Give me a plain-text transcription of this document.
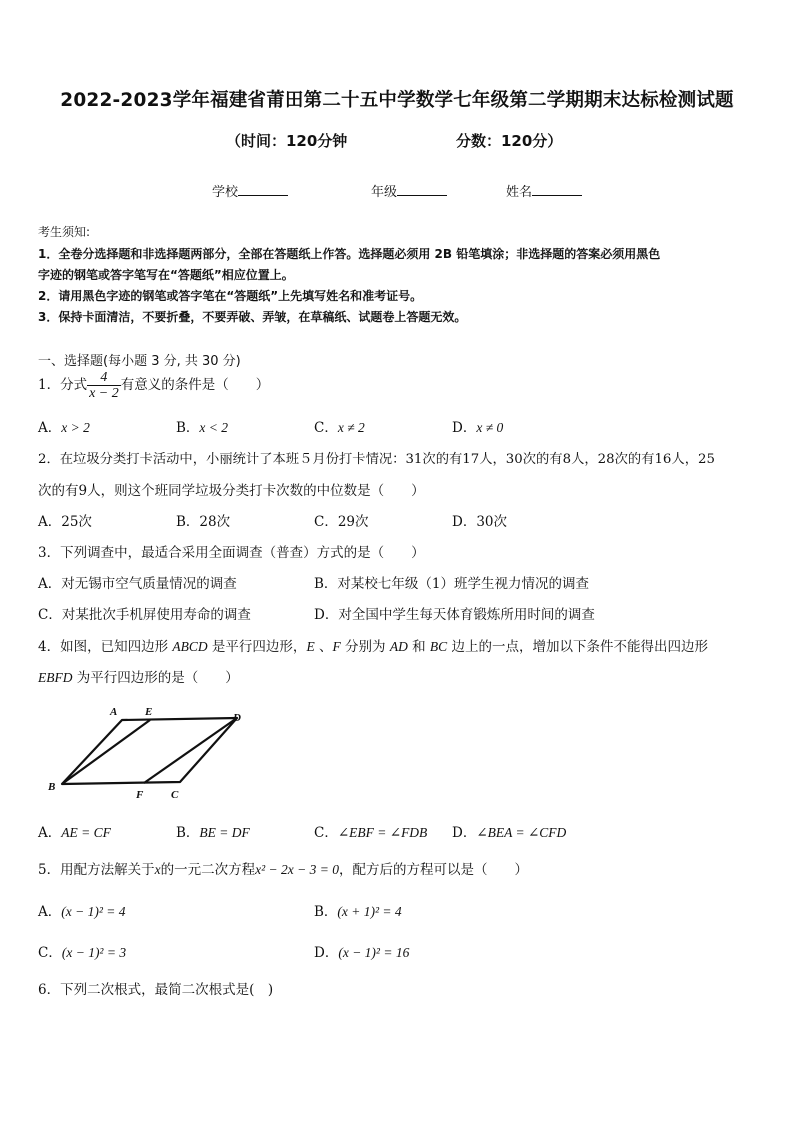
2022-2023学年福建省莆田第二十五中学数学七年级第二学期期末达标检测试题
（时间：120分钟	分数：120分）
学校	年级	姓名
考生须知:
1．全卷分选择题和非选择题两部分，全部在答题纸上作答。选择题必须用 2B 铅笔填涂；非选择题的答案必须用黑色
字迹的钢笔或答字笔写在“答题纸”相应位置上。
2．请用黑色字迹的钢笔或答字笔在“答题纸”上先填写姓名和准考证号。
3．保持卡面清洁，不要折叠，不要弄破、弄皱，在草稿纸、试题卷上答题无效。
一、选择题(每小题 3 分, 共 30 分)
1．分式 $\frac{4}{x - 2}$ 有意义的条件是（　　）
A．x > 2	B．x < 2	C．x ≠ 2	D．x ≠ 0
2．在垃圾分类打卡活动中，小丽统计了本班５月份打卡情况：31次的有17人，30次的有8人，28次的有16人，25
次的有9人，则这个班同学垃圾分类打卡次数的中位数是（　　）
A．25次	B．28次	C．29次	D．30次
3．下列调查中，最适合采用全面调查（普查）方式的是（　　）
A．对无锡市空气质量情况的调查	B．对某校七年级（1）班学生视力情况的调查
C．对某批次手机屏使用寿命的调查	D．对全国中学生每天体育锻炼所用时间的调查
4．如图，已知四边形 ABCD 是平行四边形，E 、F 分别为 AD 和 BC 边上的一点，增加以下条件不能得出四边形
EBFD 为平行四边形的是（　　）
A	E	D
B
F	C
A．AE = CF	B．BE = DF	C．∠EBF = ∠FDB D．∠BEA = ∠CFD
5．用配方法解关于x的一元二次方程x² − 2x − 3 = 0，配方后的方程可以是（　　）
A．(x − 1)² = 4	B．(x + 1)² = 4
C．(x − 1)² = 3	D．(x − 1)² = 16
6．下列二次根式，最简二次根式是(　)
